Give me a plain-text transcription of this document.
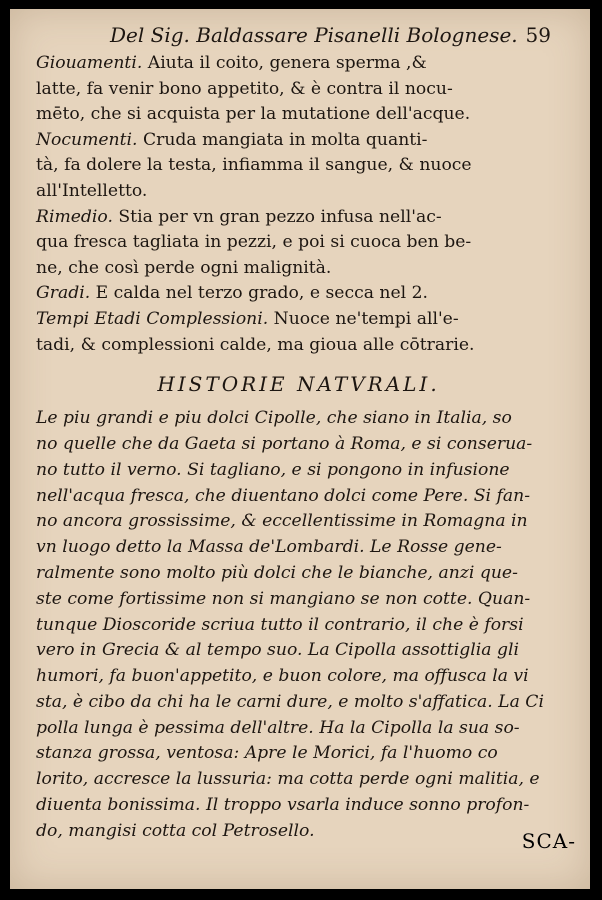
Del Sig. Baldassare Pisanelli Bolognese. 59

Giouamenti. Aiuta il coito, genera sperma ,&

latte, fa venir bono appetito, & è contra il nocu-

mēto, che si acquista per la mutatione dell'acque.

Nocumenti. Cruda mangiata in molta quanti-

tà, fa dolere la testa, infiamma il sangue, & nuoce

all'Intelletto.

Rimedio. Stia per vn gran pezzo infusa nell'ac-

qua fresca tagliata in pezzi, e poi si cuoca ben be-

ne, che così perde ogni malignità.

Gradi. E calda nel terzo grado, e secca nel 2.

Tempi Etadi Complessioni. Nuoce ne'tempi all'e-

tadi, & complessioni calde, ma gioua alle cōtrarie.

HISTORIE NATVRALI.

Le piu grandi e piu dolci Cipolle, che siano in Italia, so

no quelle che da Gaeta si portano à Roma, e si conserua-

no tutto il verno. Si tagliano, e si pongono in infusione

nell'acqua fresca, che diuentano dolci come Pere. Si fan-

no ancora grossissime, & eccellentissime in Romagna in

vn luogo detto la Massa de'Lombardi. Le Rosse gene-

ralmente sono molto più dolci che le bianche, anzi que-

ste come fortissime non si mangiano se non cotte. Quan-

tunque Dioscoride scriua tutto il contrario, il che è forsi

vero in Grecia & al tempo suo. La Cipolla assottiglia gli

humori, fa buon'appetito, e buon colore, ma offusca la vi

sta, è cibo da chi ha le carni dure, e molto s'affatica. La Ci

polla lunga è pessima dell'altre. Ha la Cipolla la sua so-

stanza grossa, ventosa: Apre le Morici, fa l'huomo co

lorito, accresce la lussuria: ma cotta perde ogni malitia, e

diuenta bonissima. Il troppo vsarla induce sonno profon-

do, mangisi cotta col Petrosello.	SCA-
